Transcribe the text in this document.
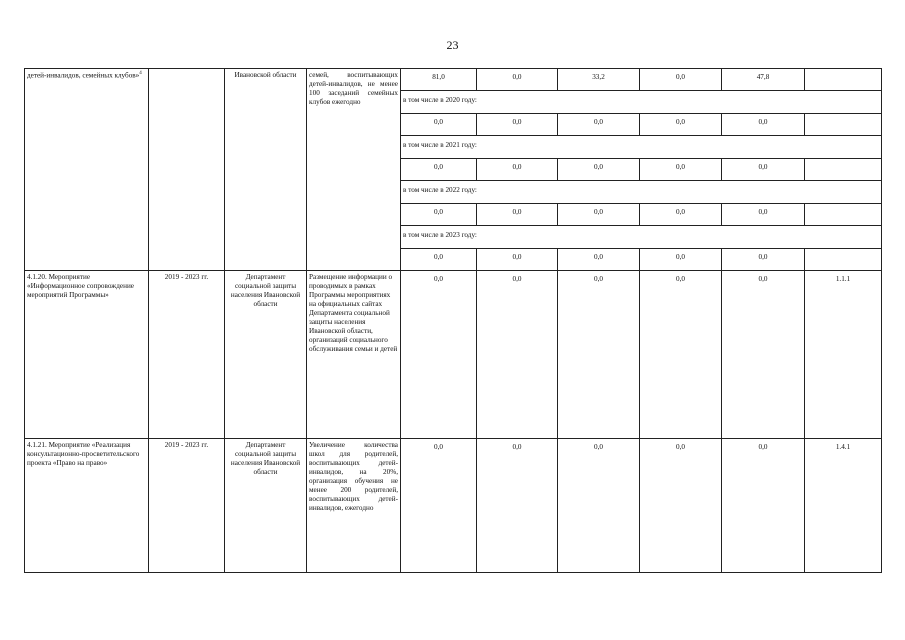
23
детей-инвалидов, семейных клубов»$^4$		Ивановской области	семей, воспитывающих детей-инвалидов, не менее 100 заседаний семейных клубов ежегодно	81,0	0,0	33,2	0,0	47,8	
				в том числе в 2020 году:					
				0,0	0,0	0,0	0,0	0,0	
				в том числе в 2021 году:					
				0,0	0,0	0,0	0,0	0,0	
				в том числе в 2022 году:					
				0,0	0,0	0,0	0,0	0,0	
				в том числе в 2023 году:					
				0,0	0,0	0,0	0,0	0,0	
4.1.20. Мероприятие «Информационное сопровождение мероприятий Программы»	2019 - 2023 гг.	Департамент социальной защиты населения Ивановской области	Размещение информации о проводимых в рамках Программы мероприятиях на официальных сайтах Департамента социальной защиты населения Ивановской области, организаций социального обслуживания семьи и детей	0,0	0,0	0,0	0,0	0,0	1.1.1
4.1.21. Мероприятие «Реализация консультационно-просветительского проекта «Право на право»	2019 - 2023 гг.	Департамент социальной защиты населения Ивановской области	Увеличение количества школ для родителей, воспитывающих детей-инвалидов, на 20%, организация обучения не менее 200 родителей, воспитывающих детей-инвалидов, ежегодно	0,0	0,0	0,0	0,0	0,0	1.4.1
